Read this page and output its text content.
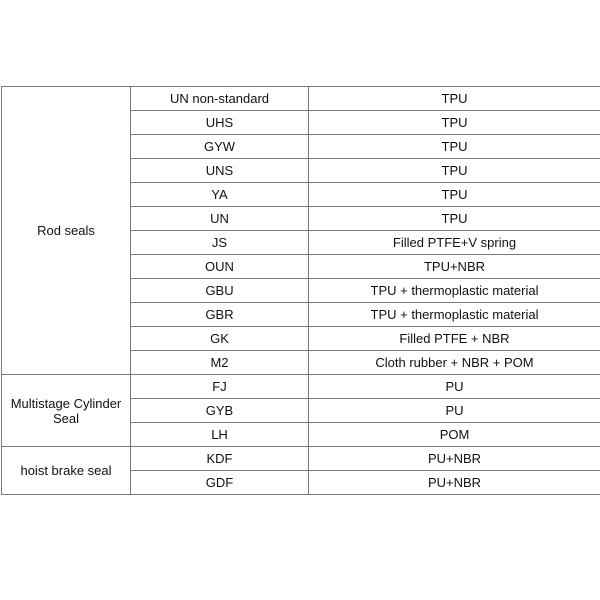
Rod seals	UN non-standard	TPU
	UHS	TPU
	GYW	TPU
	UNS	TPU
	YA	TPU
	UN	TPU
	JS	Filled PTFE+V spring
	OUN	TPU+NBR
	GBU	TPU + thermoplastic material
	GBR	TPU + thermoplastic material
	GK	Filled PTFE + NBR
	M2	Cloth rubber + NBR + POM
Multistage Cylinder Seal	FJ	PU
	GYB	PU
	LH	POM
hoist brake seal	KDF	PU+NBR
	GDF	PU+NBR
